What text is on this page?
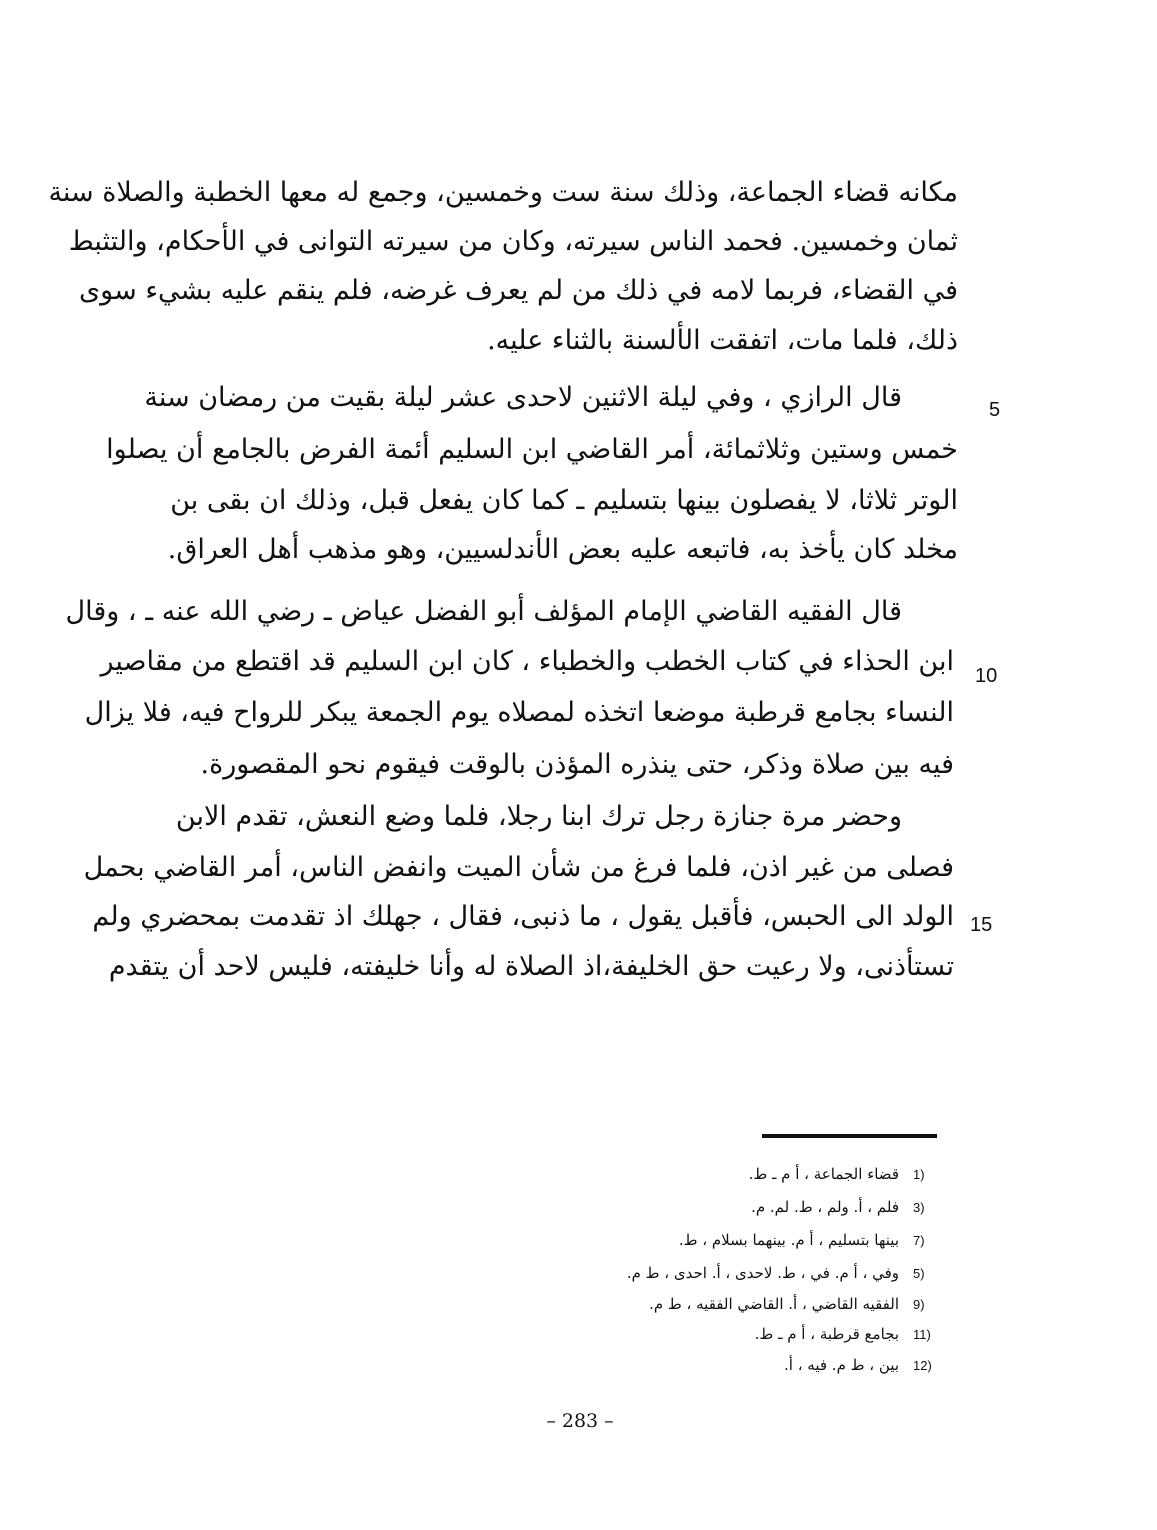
مكانه قضاء الجماعة، وذلك سنة ست وخمسين، وجمع له معها الخطبة والصلاة سنة
ثمان وخمسين. فحمد الناس سيرته، وكان من سيرته التوانى في الأحكام، والتثبط
في القضاء، فربما لامه في ذلك من لم يعرف غرضه، فلم ينقم عليه بشيء سوى
ذلك، فلما مات، اتفقت الألسنة بالثناء عليه.
قال الرازي ، وفي ليلة الاثنين لاحدى عشر ليلة بقيت من رمضان سنة
خمس وستين وثلاثمائة، أمر القاضي ابن السليم أئمة الفرض بالجامع أن يصلوا
الوتر ثلاثا، لا يفصلون بينها بتسليم ـ كما كان يفعل قبل، وذلك ان بقى بن
مخلد كان يأخذ به، فاتبعه عليه بعض الأندلسيين، وهو مذهب أهل العراق.
قال الفقيه القاضي الإمام المؤلف أبو الفضل عياض ـ رضي الله عنه ـ ، وقال
ابن الحذاء في كتاب الخطب والخطباء ، كان ابن السليم قد اقتطع من مقاصير
النساء بجامع قرطبة موضعا اتخذه لمصلاه يوم الجمعة يبكر للرواح فيه، فلا يزال
فيه بين صلاة وذكر، حتى ينذره المؤذن بالوقت فيقوم نحو المقصورة.
وحضر مرة جنازة رجل ترك ابنا رجلا، فلما وضع النعش، تقدم الابن
فصلى من غير اذن، فلما فرغ من شأن الميت وانفض الناس، أمر القاضي بحمل
الولد الى الحبس، فأقبل يقول ، ما ذنبى، فقال ، جهلك اذ تقدمت بمحضري ولم
تستأذنى، ولا رعيت حق الخليفة،اذ الصلاة له وأنا خليفته، فليس لاحد أن يتقدم
5
10
15
1)قضاء الجماعة ، أ م ـ ط.
3)فلم ، أ. ولم ، ط. لم. م.
7)بينها بتسليم ، أ م. بينهما بسلام ، ط.
5)وفي ، أ م. في ، ط. لاحدى ، أ. احدى ، ط م.
9)الفقيه القاضي ، أ. القاضي الفقيه ، ط م.
11)بجامع قرطبة ، أ م ـ ط.
12)بين ، ط م. فيه ، أ.
– 283 –
